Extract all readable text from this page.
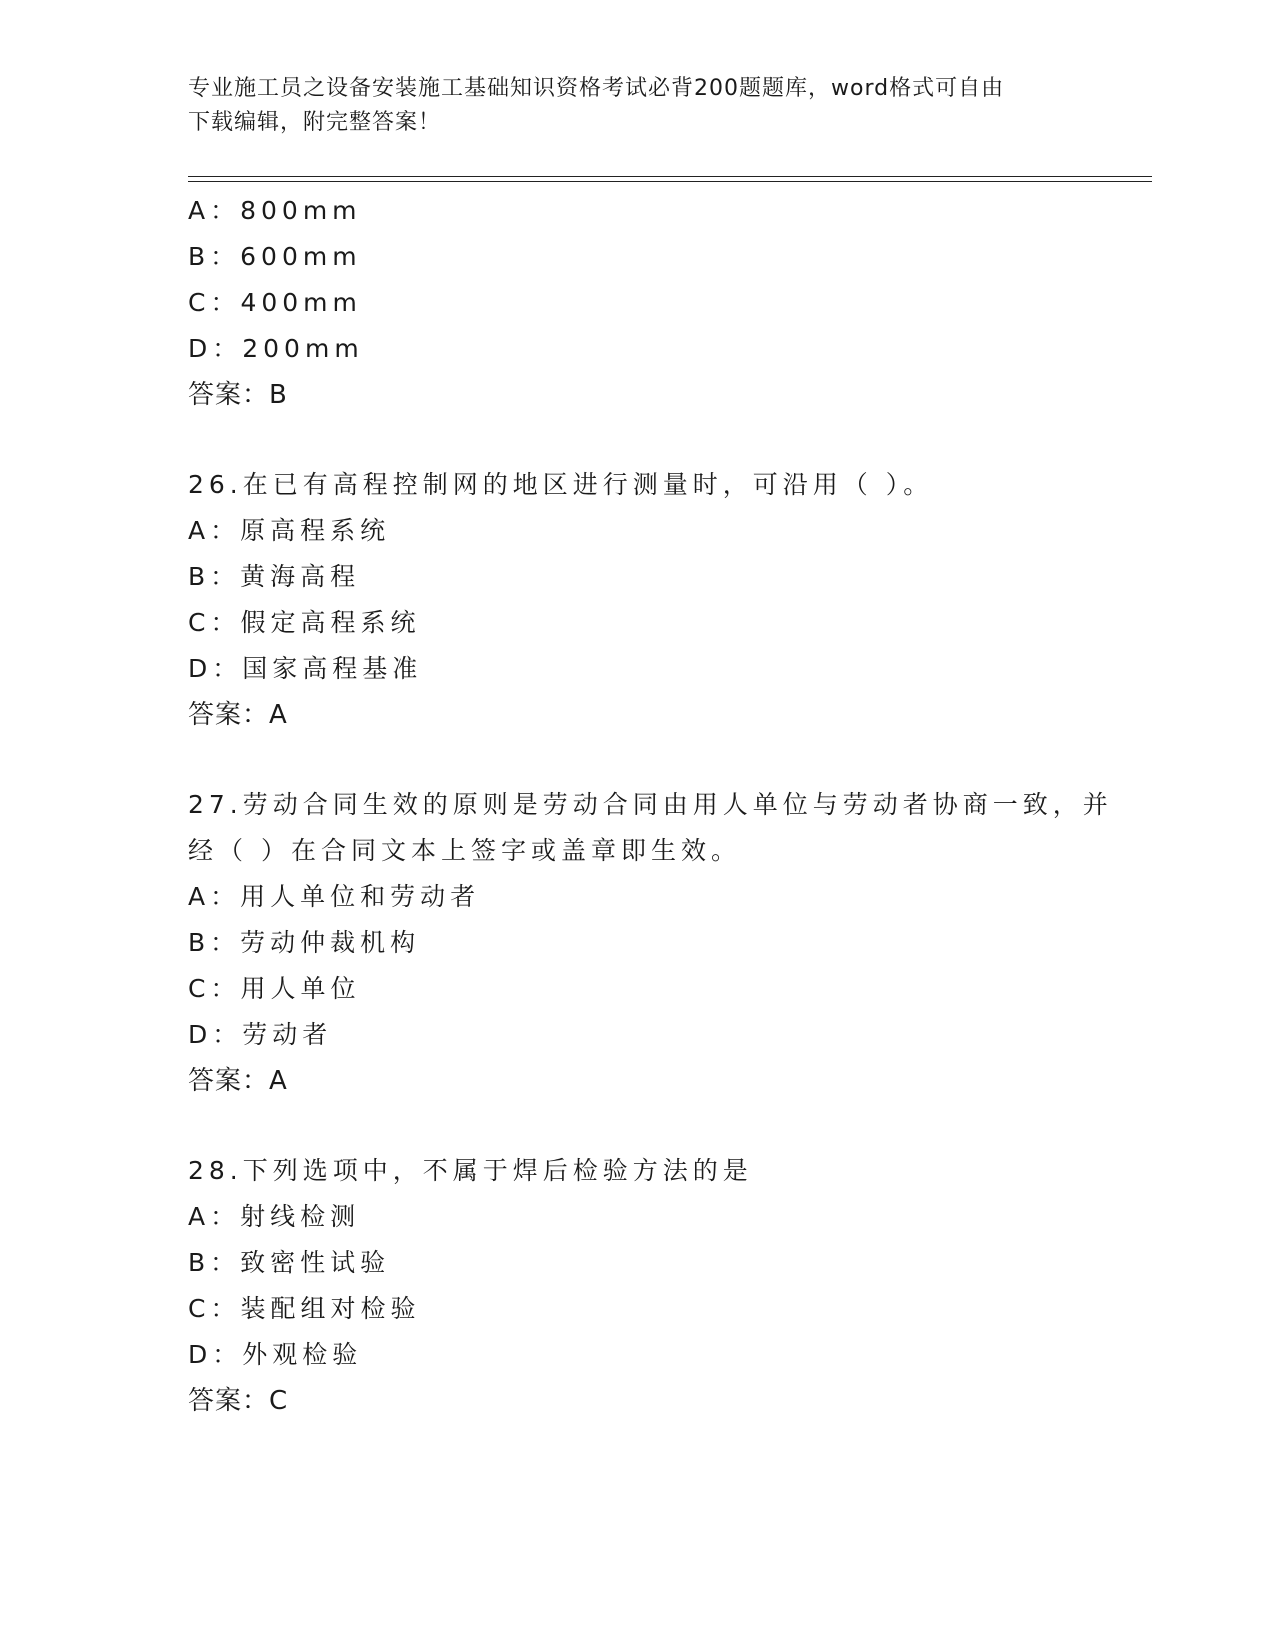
专业施工员之设备安装施工基础知识资格考试必背200题题库，word格式可自由
下载编辑，附完整答案！
A：800mm
B：600mm
C：400mm
D：200mm
答案：B
26.在已有高程控制网的地区进行测量时，可沿用（ ）。
A：原高程系统
B：黄海高程
C：假定高程系统
D：国家高程基准
答案：A
27.劳动合同生效的原则是劳动合同由用人单位与劳动者协商一致，并
经（ ）在合同文本上签字或盖章即生效。
A：用人单位和劳动者
B：劳动仲裁机构
C：用人单位
D：劳动者
答案：A
28.下列选项中，不属于焊后检验方法的是
A：射线检测
B：致密性试验
C：装配组对检验
D：外观检验
答案：C
